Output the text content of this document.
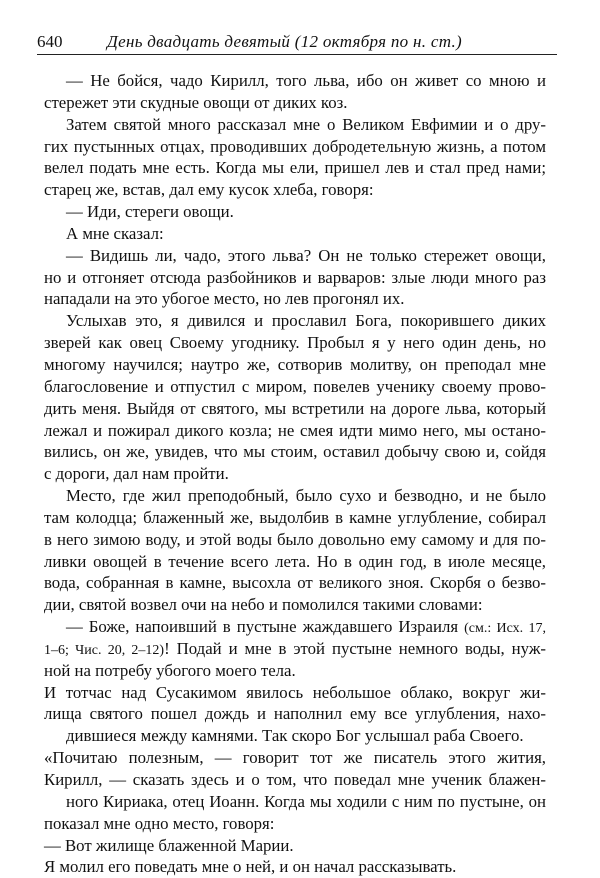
640	День двадцать девятый (12 октября по н. ст.)
— Не бойся, чадо Кирилл, того льва, ибо он живет со мною и
стережет эти скудные овощи от диких коз.
Затем святой много рассказал мне о Великом Евфимии и о дру-
гих пустынных отцах, проводивших добродетельную жизнь, а потом
велел подать мне есть. Когда мы ели, пришел лев и стал пред нами;
старец же, встав, дал ему кусок хлеба, говоря:
— Иди, стереги овощи.
А мне сказал:
— Видишь ли, чадо, этого льва? Он не только стережет овощи,
но и отгоняет отсюда разбойников и варваров: злые люди много раз
нападали на это убогое место, но лев прогонял их.
Услыхав это, я дивился и прославил Бога, покорившего диких
зверей как овец Своему угоднику. Пробыл я у него один день, но
многому научился; наутро же, сотворив молитву, он преподал мне
благословение и отпустил с миром, повелев ученику своему прово-
дить меня. Выйдя от святого, мы встретили на дороге льва, который
лежал и пожирал дикого козла; не смея идти мимо него, мы остано-
вились, он же, увидев, что мы стоим, оставил добычу свою и, сойдя
с дороги, дал нам пройти.
Место, где жил преподобный, было сухо и безводно, и не было
там колодца; блаженный же, выдолбив в камне углубление, собирал
в него зимою воду, и этой воды было довольно ему самому и для по-
ливки овощей в течение всего лета. Но в один год, в июле месяце,
вода, собранная в камне, высохла от великого зноя. Скорбя о безво-
дии, святой возвел очи на небо и помолился такими словами:
— Боже, напоивший в пустыне жаждавшего Израиля (см.: Исх. 17,
1–6; Чис. 20, 2–12)! Подай и мне в этой пустыне немного воды, нуж-
ной на потребу убогого моего тела.
И тотчас над Сусакимом явилось небольшое облако, вокруг жи-
лища святого пошел дождь и наполнил ему все углубления, нахо-
дившиеся между камнями. Так скоро Бог услышал раба Своего.
«Почитаю полезным, — говорит тот же писатель этого жития,
Кирилл, — сказать здесь и о том, что поведал мне ученик блажен-
ного Кириака, отец Иоанн. Когда мы ходили с ним по пустыне, он
показал мне одно место, говоря:
— Вот жилище блаженной Марии.
Я молил его поведать мне о ней, и он начал рассказывать.
